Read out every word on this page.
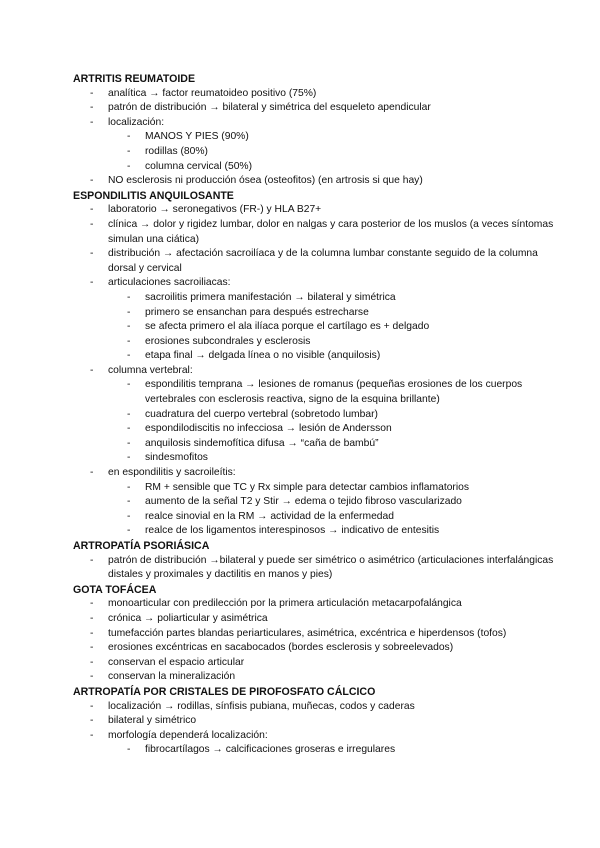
ARTRITIS REUMATOIDE
- analítica → factor reumatoideo positivo (75%)
- patrón de distribución → bilateral y simétrica del esqueleto apendicular
- localización:
- MANOS Y PIES (90%)
- rodillas (80%)
- columna cervical (50%)
- NO esclerosis ni producción ósea (osteofitos) (en artrosis si que hay)
ESPONDILITIS ANQUILOSANTE
- laboratorio → seronegativos (FR-) y HLA B27+
- clínica → dolor y rigidez lumbar, dolor en nalgas y cara posterior de los muslos (a veces síntomas simulan una ciática)
- distribución → afectación sacroilíaca y de la columna lumbar constante seguido de la columna dorsal y cervical
- articulaciones sacroiliacas:
- sacroilitis primera manifestación → bilateral y simétrica
- primero se ensanchan para después estrecharse
- se afecta primero el ala ilíaca porque el cartílago es + delgado
- erosiones subcondrales y esclerosis
- etapa final → delgada línea o no visible (anquilosis)
- columna vertebral:
- espondilitis temprana → lesiones de romanus (pequeñas erosiones de los cuerpos vertebrales con esclerosis reactiva, signo de la esquina brillante)
- cuadratura del cuerpo vertebral (sobretodo lumbar)
- espondilodiscitis no infecciosa → lesión de Andersson
- anquilosis sindemofítica difusa → “caña de bambú”
- sindesmofitos
- en espondilitis y sacroileítis:
- RM + sensible que TC y Rx simple para detectar cambios inflamatorios
- aumento de la señal T2 y Stir → edema o tejido fibroso vascularizado
- realce sinovial en la RM → actividad de la enfermedad
- realce de los ligamentos interespinosos → indicativo de entesitis
ARTROPATÍA PSORIÁSICA
- patrón de distribución →bilateral y puede ser simétrico o asimétrico (articulaciones interfalángicas distales y proximales y dactilitis en manos y pies)
GOTA TOFÁCEA
- monoarticular con predilección por la primera articulación metacarpofalángica
- crónica → poliarticular y asimétrica
- tumefacción partes blandas periarticulares, asimétrica, excéntrica e hiperdensos (tofos)
- erosiones excéntricas en sacabocados (bordes esclerosis y sobreelevados)
- conservan el espacio articular
- conservan la mineralización
ARTROPATÍA POR CRISTALES DE PIROFOSFATO CÁLCICO
- localización → rodillas, sínfisis pubiana, muñecas, codos y caderas
- bilateral y simétrico
- morfología dependerá localización:
- fibrocartílagos → calcificaciones groseras e irregulares
